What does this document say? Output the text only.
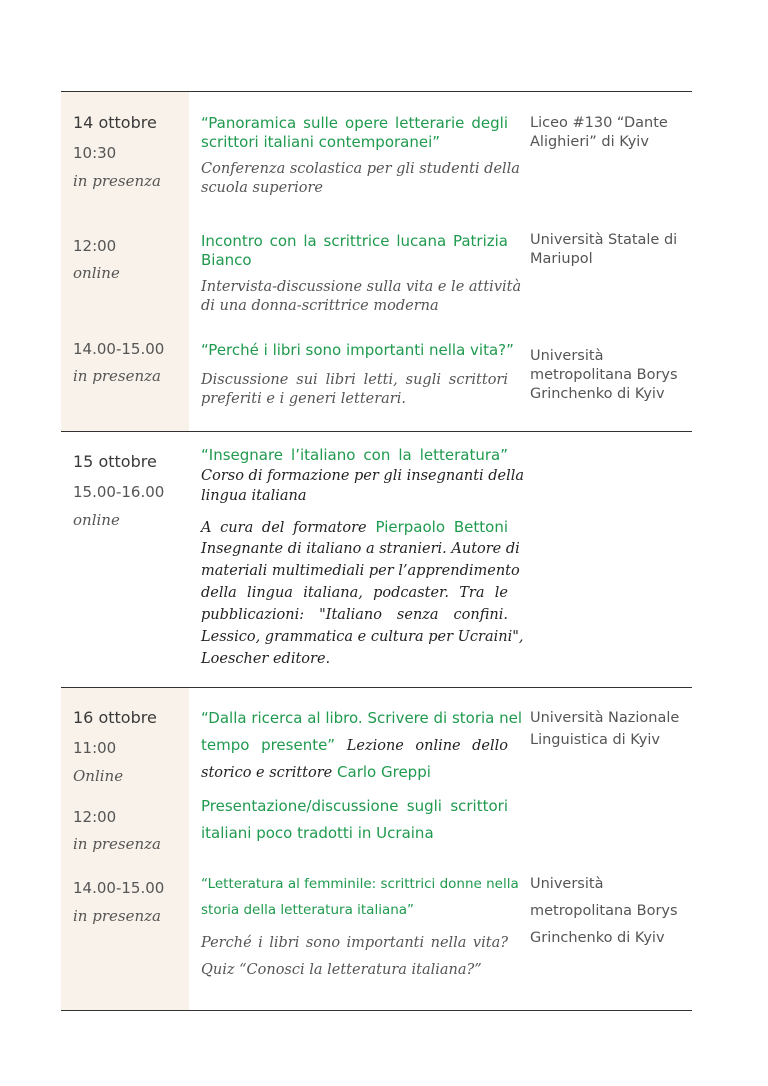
14 ottobre
10:30
in presenza
“Panoramica sulle opere letterarie degli
scrittori italiani contemporanei”
Conferenza scolastica per gli studenti della
scuola superiore
Liceo #130 “Dante
Alighieri” di Kyiv
12:00
online
Incontro con la scrittrice lucana Patrizia
Bianco
Intervista-discussione sulla vita e le attività
di una donna-scrittrice moderna
Università Statale di
Mariupol
14.00-15.00
in presenza
“Perché i libri sono importanti nella vita?”
Discussione sui libri letti, sugli scrittori
preferiti e i generi letterari.
Università
metropolitana Borys
Grinchenko di Kyiv
15 ottobre
15.00-16.00
online
“Insegnare l’italiano con la letteratura”
Corso di formazione per gli insegnanti della
lingua italiana
A cura del formatore Pierpaolo Bettoni
Insegnante di italiano a stranieri. Autore di
materiali multimediali per l’apprendimento
della lingua italiana, podcaster. Tra le
pubblicazioni: "Italiano senza confini.
Lessico, grammatica e cultura per Ucraini",
Loescher editore.
16 ottobre
11:00
Online
“Dalla ricerca al libro. Scrivere di storia nel
tempo presente” Lezione online dello
storico e scrittore Carlo Greppi
Università Nazionale
Linguistica di Kyiv
12:00
in presenza
Presentazione/discussione sugli scrittori
italiani poco tradotti in Ucraina
14.00-15.00
in presenza
“Letteratura al femminile: scrittrici donne nella
storia della letteratura italiana”
Perché i libri sono importanti nella vita?
Quiz “Conosci la letteratura italiana?”
Università
metropolitana Borys
Grinchenko di Kyiv
